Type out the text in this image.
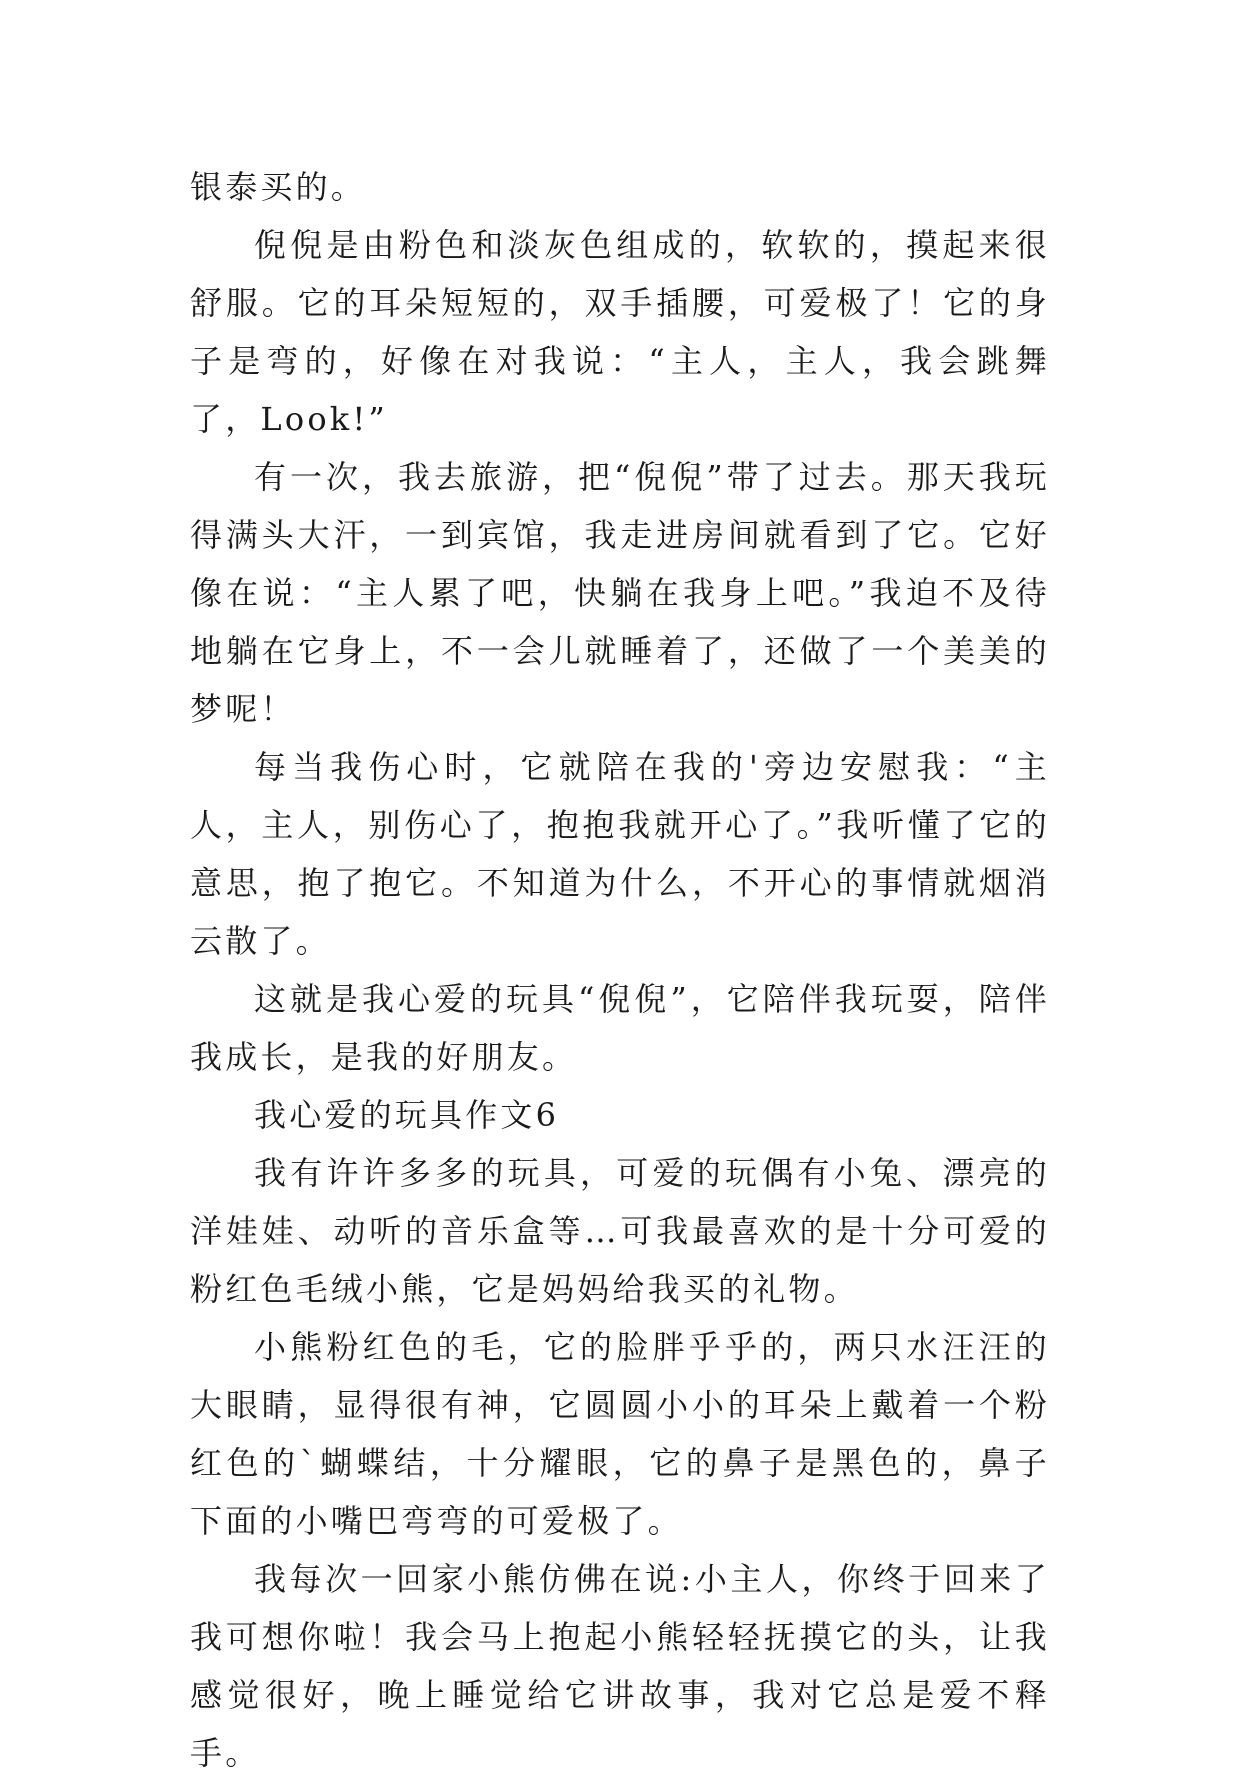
银泰买的。

倪倪是由粉色和淡灰色组成的，软软的，摸起来很舒服。它的耳朵短短的，双手插腰，可爱极了！它的身子是弯的，好像在对我说：“主人，主人，我会跳舞了，Look!”

有一次，我去旅游，把“倪倪”带了过去。那天我玩得满头大汗，一到宾馆，我走进房间就看到了它。它好像在说：“主人累了吧，快躺在我身上吧。”我迫不及待地躺在它身上，不一会儿就睡着了，还做了一个美美的梦呢！

每当我伤心时，它就陪在我的'旁边安慰我：“主人，主人，别伤心了，抱抱我就开心了。”我听懂了它的意思，抱了抱它。不知道为什么，不开心的事情就烟消云散了。

这就是我心爱的玩具“倪倪”，它陪伴我玩耍，陪伴我成长，是我的好朋友。

我心爱的玩具作文6

我有许许多多的玩具，可爱的玩偶有小兔、漂亮的洋娃娃、动听的音乐盒等…可我最喜欢的是十分可爱的粉红色毛绒小熊，它是妈妈给我买的礼物。

小熊粉红色的毛，它的脸胖乎乎的，两只水汪汪的大眼睛，显得很有神，它圆圆小小的耳朵上戴着一个粉红色的`蝴蝶结，十分耀眼，它的鼻子是黑色的，鼻子下面的小嘴巴弯弯的可爱极了。

我每次一回家小熊仿佛在说:小主人，你终于回来了我可想你啦！我会马上抱起小熊轻轻抚摸它的头，让我感觉很好，晚上睡觉给它讲故事，我对它总是爱不释手。
